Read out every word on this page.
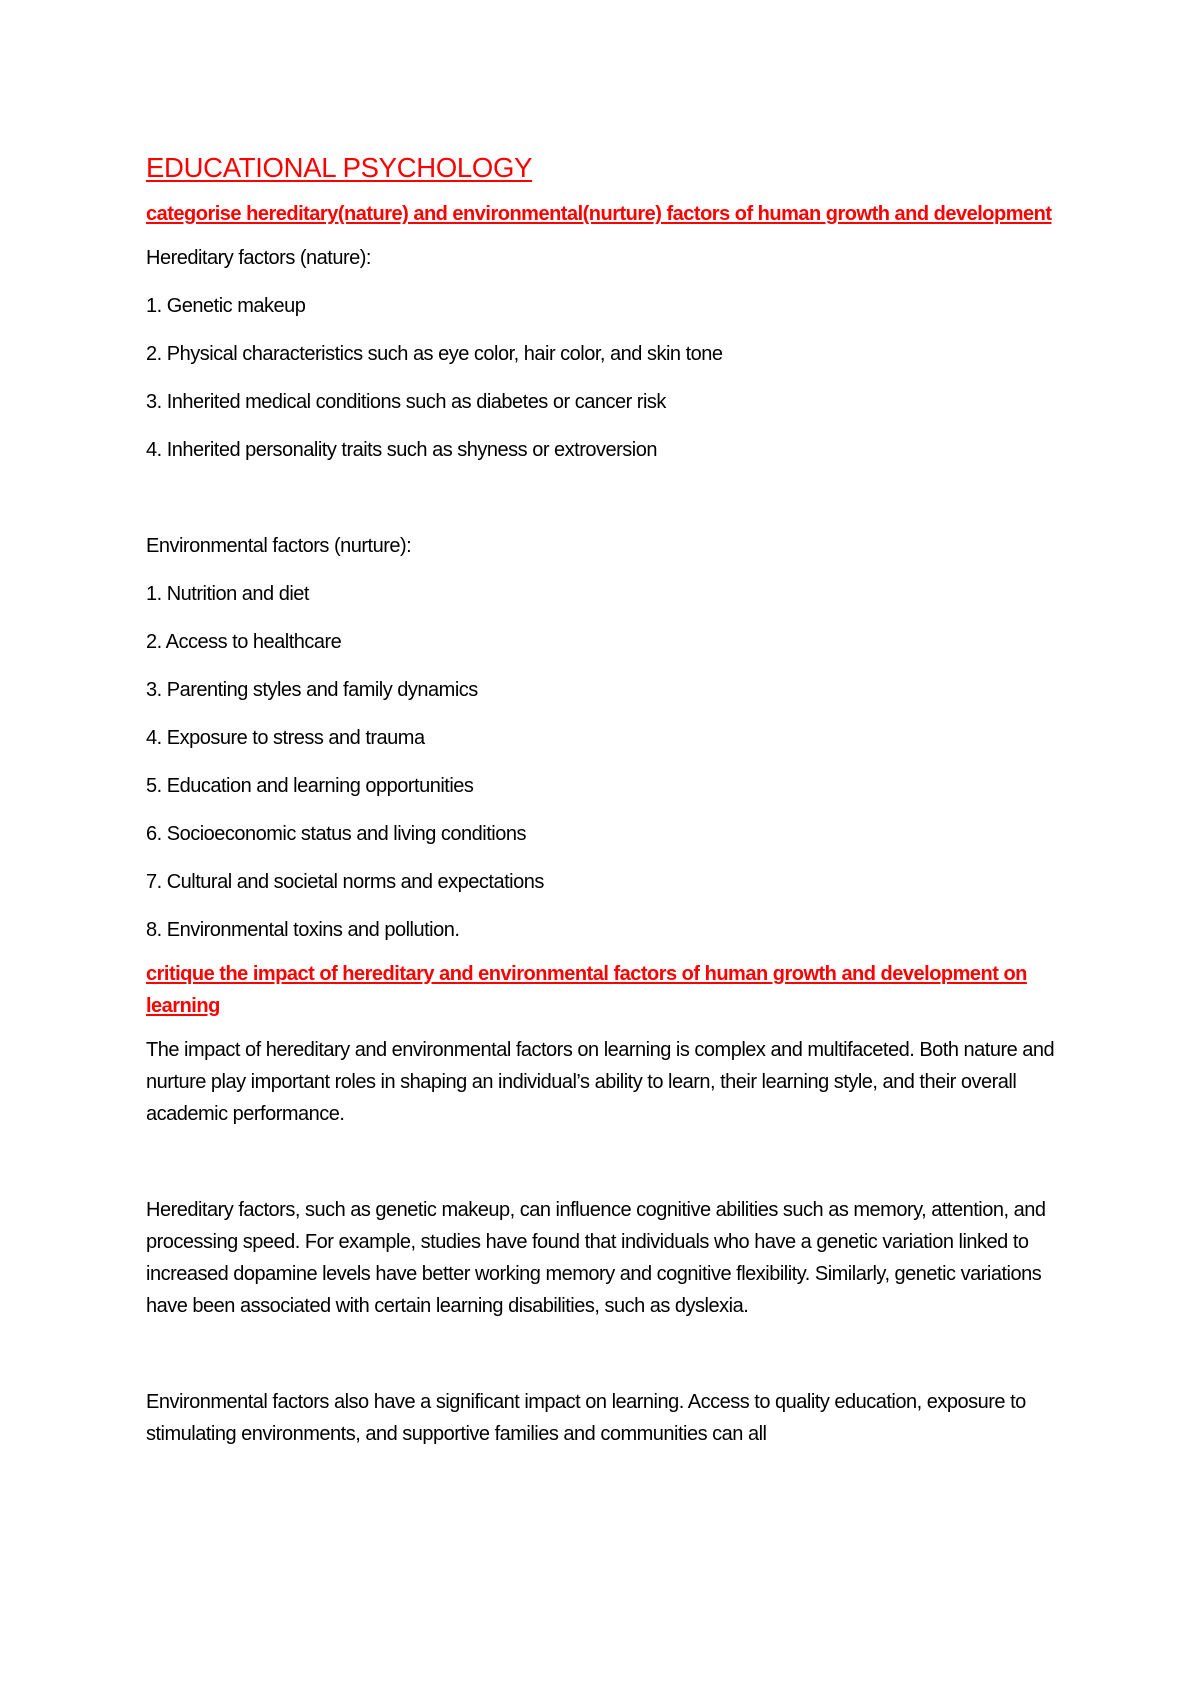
EDUCATIONAL PSYCHOLOGY

categorise hereditary(nature) and environmental(nurture) factors of human growth and development

Hereditary factors (nature):

1. Genetic makeup

2. Physical characteristics such as eye color, hair color, and skin tone

3. Inherited medical conditions such as diabetes or cancer risk

4. Inherited personality traits such as shyness or extroversion

Environmental factors (nurture):

1. Nutrition and diet

2. Access to healthcare

3. Parenting styles and family dynamics

4. Exposure to stress and trauma

5. Education and learning opportunities

6. Socioeconomic status and living conditions

7. Cultural and societal norms and expectations

8. Environmental toxins and pollution.

critique the impact of hereditary and environmental factors of human growth and development on learning

The impact of hereditary and environmental factors on learning is complex and multifaceted. Both nature and nurture play important roles in shaping an individual’s ability to learn, their learning style, and their overall academic performance.

Hereditary factors, such as genetic makeup, can influence cognitive abilities such as memory, attention, and processing speed. For example, studies have found that individuals who have a genetic variation linked to increased dopamine levels have better working memory and cognitive flexibility. Similarly, genetic variations have been associated with certain learning disabilities, such as dyslexia.

Environmental factors also have a significant impact on learning. Access to quality education, exposure to stimulating environments, and supportive families and communities can all
